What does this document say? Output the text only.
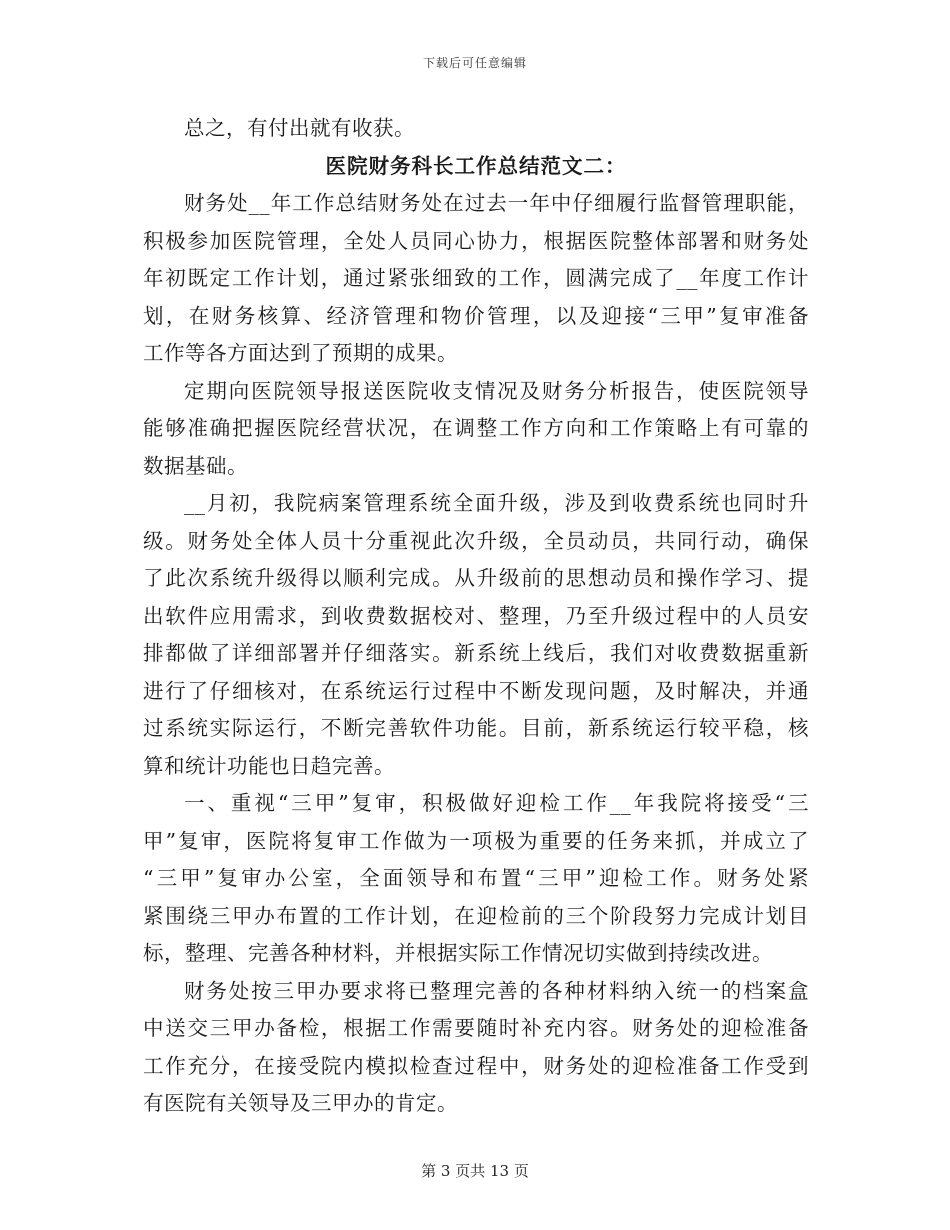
下载后可任意编辑
总之，有付出就有收获。
医院财务科长工作总结范文二：
财务处__年工作总结财务处在过去一年中仔细履行监督管理职能，
积极参加医院管理，全处人员同心协力，根据医院整体部署和财务处
年初既定工作计划，通过紧张细致的工作，圆满完成了__年度工作计
划，在财务核算、经济管理和物价管理，以及迎接“三甲”复审准备
工作等各方面达到了预期的成果。
定期向医院领导报送医院收支情况及财务分析报告，使医院领导
能够准确把握医院经营状况，在调整工作方向和工作策略上有可靠的
数据基础。
__月初，我院病案管理系统全面升级，涉及到收费系统也同时升
级。财务处全体人员十分重视此次升级，全员动员，共同行动，确保
了此次系统升级得以顺利完成。从升级前的思想动员和操作学习、提
出软件应用需求，到收费数据校对、整理，乃至升级过程中的人员安
排都做了详细部署并仔细落实。新系统上线后，我们对收费数据重新
进行了仔细核对，在系统运行过程中不断发现问题，及时解决，并通
过系统实际运行，不断完善软件功能。目前，新系统运行较平稳，核
算和统计功能也日趋完善。
一、重视“三甲”复审，积极做好迎检工作__年我院将接受“三
甲”复审，医院将复审工作做为一项极为重要的任务来抓，并成立了
“三甲”复审办公室，全面领导和布置“三甲”迎检工作。财务处紧
紧围绕三甲办布置的工作计划，在迎检前的三个阶段努力完成计划目
标，整理、完善各种材料，并根据实际工作情况切实做到持续改进。
财务处按三甲办要求将已整理完善的各种材料纳入统一的档案盒
中送交三甲办备检，根据工作需要随时补充内容。财务处的迎检准备
工作充分，在接受院内模拟检查过程中，财务处的迎检准备工作受到
有医院有关领导及三甲办的肯定。
第 3 页共 13 页
